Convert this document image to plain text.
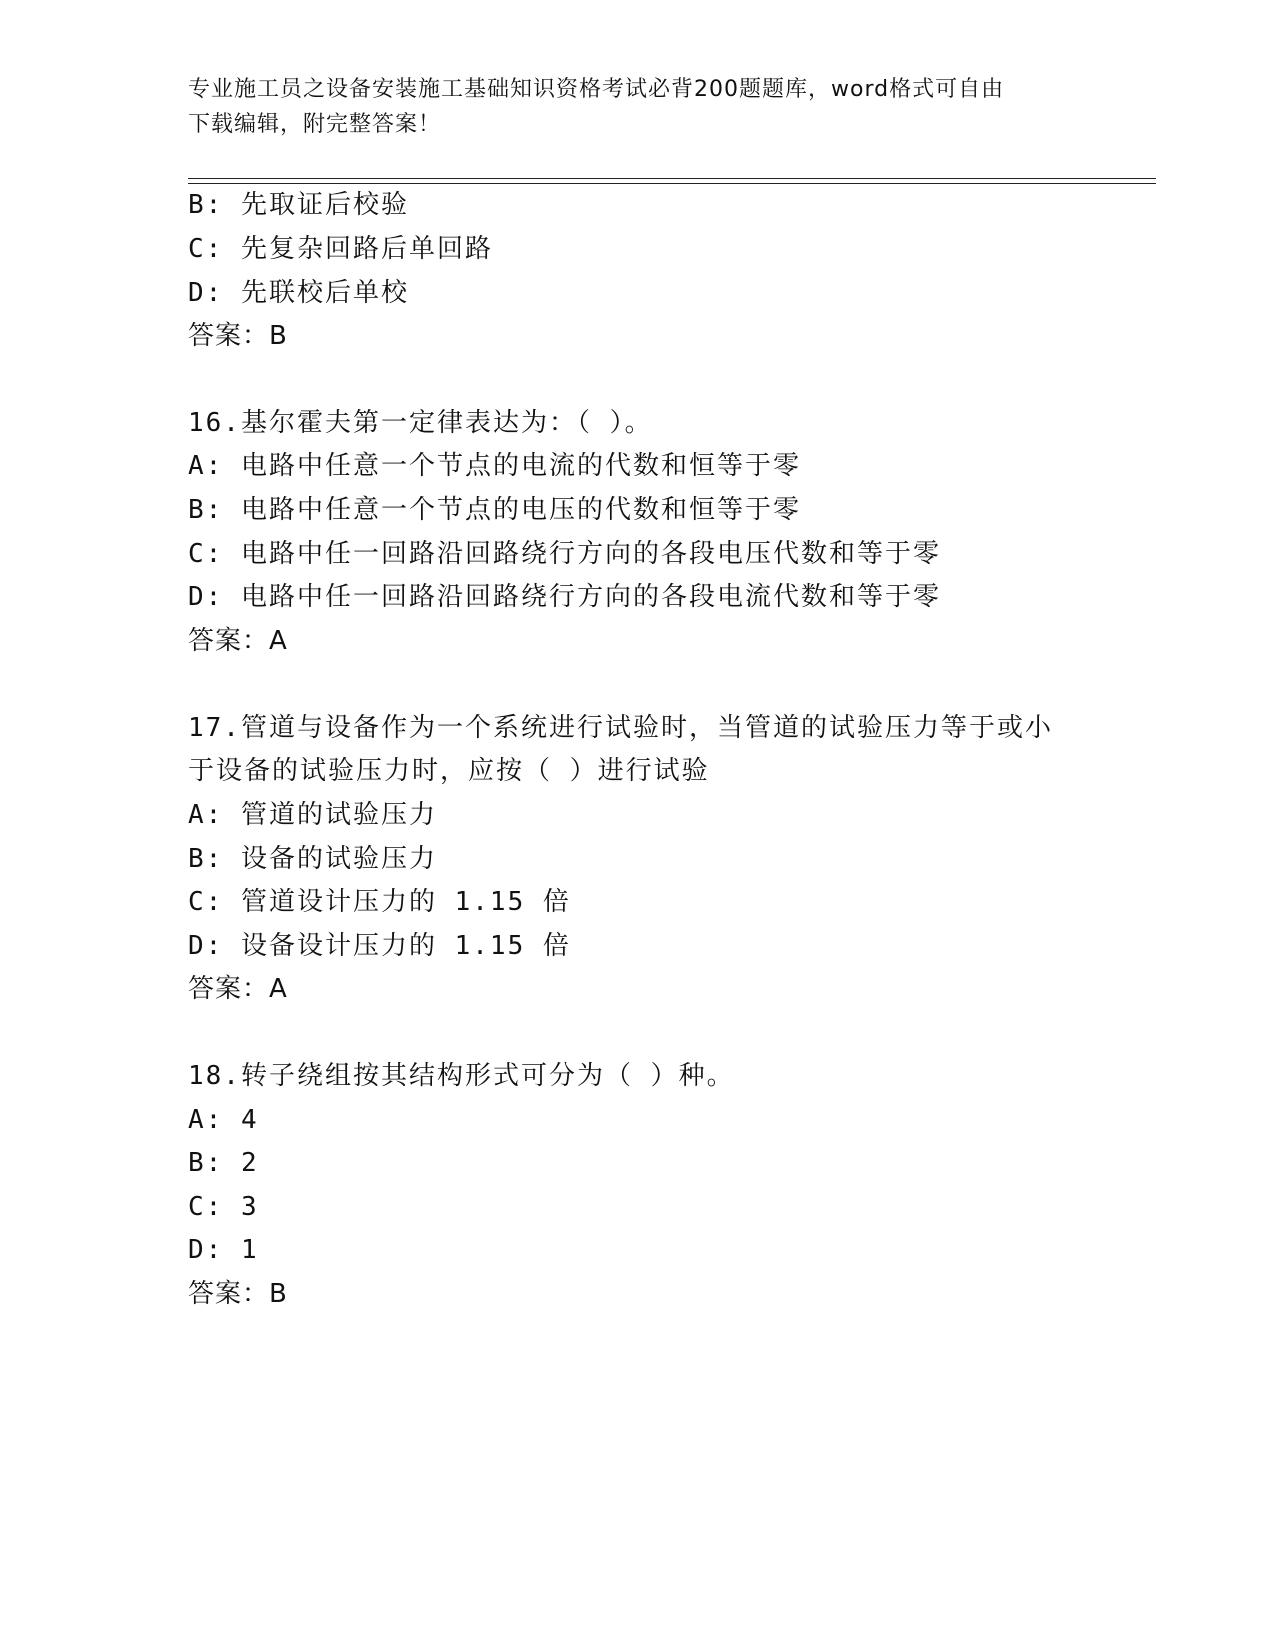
专业施工员之设备安装施工基础知识资格考试必背200题题库，word格式可自由
下载编辑，附完整答案！
B: 先取证后校验
C: 先复杂回路后单回路
D: 先联校后单校
答案：B
16.基尔霍夫第一定律表达为：（ ）。
A: 电路中任意一个节点的电流的代数和恒等于零
B: 电路中任意一个节点的电压的代数和恒等于零
C: 电路中任一回路沿回路绕行方向的各段电压代数和等于零
D: 电路中任一回路沿回路绕行方向的各段电流代数和等于零
答案：A
17.管道与设备作为一个系统进行试验时，当管道的试验压力等于或小
于设备的试验压力时，应按（ ）进行试验
A: 管道的试验压力
B: 设备的试验压力
C: 管道设计压力的 1.15 倍
D: 设备设计压力的 1.15 倍
答案：A
18.转子绕组按其结构形式可分为（ ）种。
A: 4
B: 2
C: 3
D: 1
答案：B
